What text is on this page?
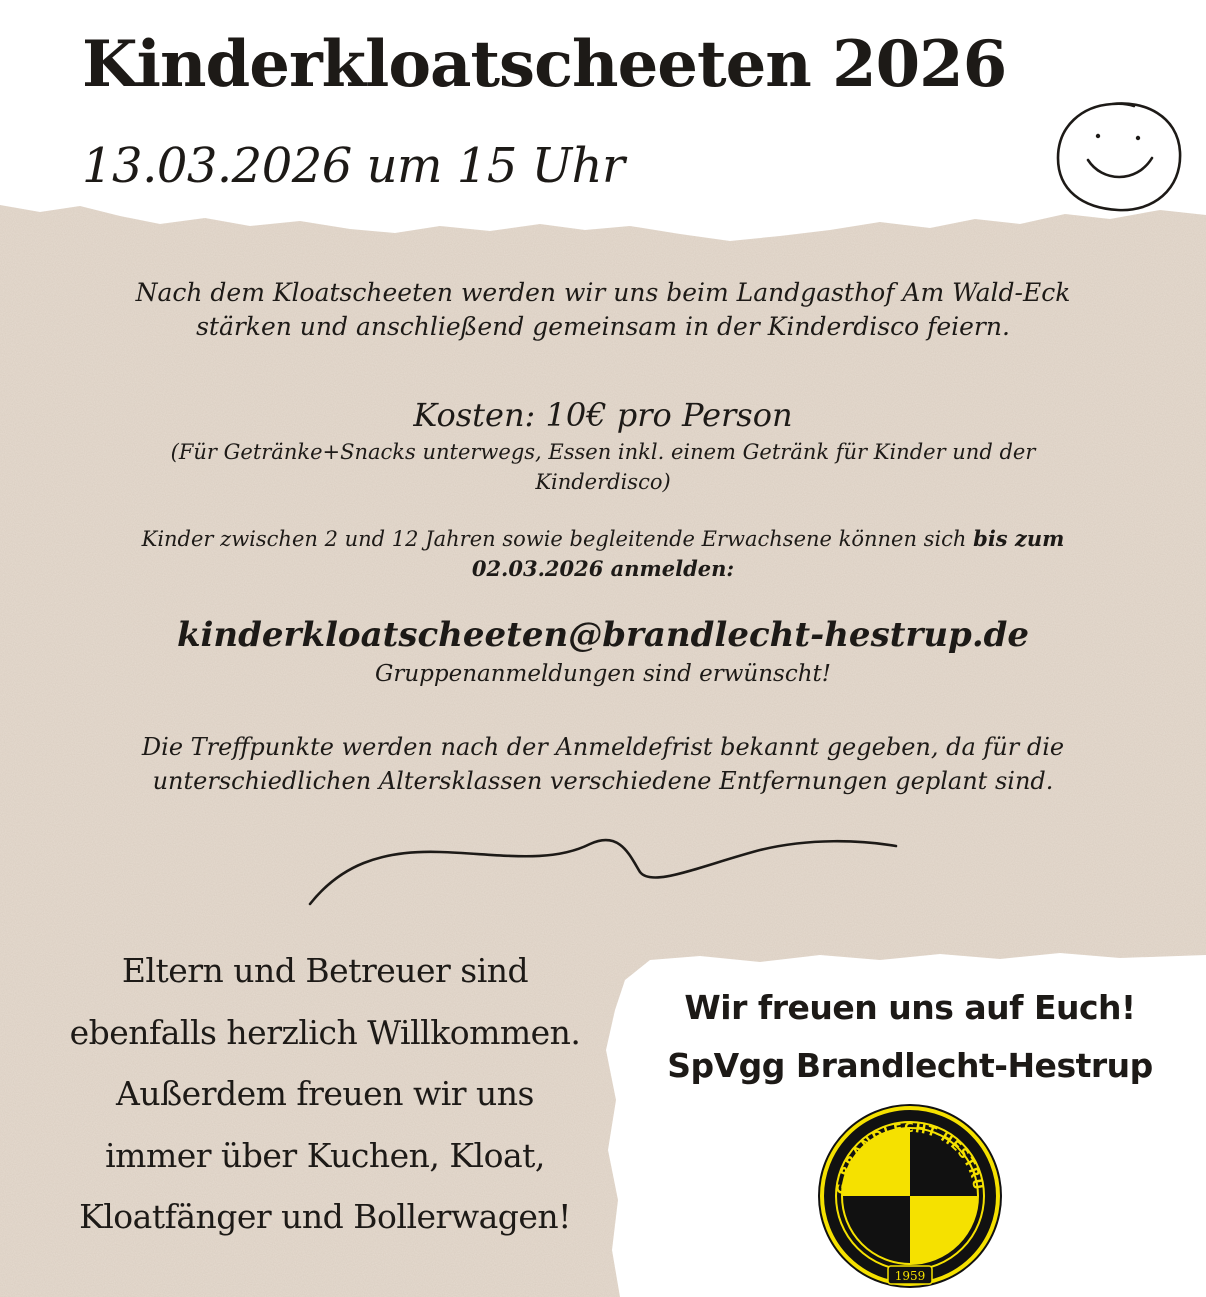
Kinderkloatscheeten 2026

13.03.2026 um 15 Uhr

Nach dem Kloatscheeten werden wir uns beim Landgasthof Am Wald-Eck
stärken und anschließend gemeinsam in der Kinderdisco feiern.

Kosten: 10€ pro Person

(Für Getränke+Snacks unterwegs, Essen inkl. einem Getränk für Kinder und der
Kinderdisco)

Kinder zwischen 2 und 12 Jahren sowie begleitende Erwachsene können sich bis zum
02.03.2026 anmelden:

kinderkloatscheeten@brandlecht-hestrup.de

Gruppenanmeldungen sind erwünscht!

Die Treffpunkte werden nach der Anmeldefrist bekannt gegeben, da für die
unterschiedlichen Altersklassen verschiedene Entfernungen geplant sind.

Eltern und Betreuer sind
ebenfalls herzlich Willkommen.
Außerdem freuen wir uns
immer über Kuchen, Kloat,
Kloatfänger und Bollerwagen!

Wir freuen uns auf Euch!

SpVgg Brandlecht-Hestrup

G BRANDLECHT-HESTRU
1959
